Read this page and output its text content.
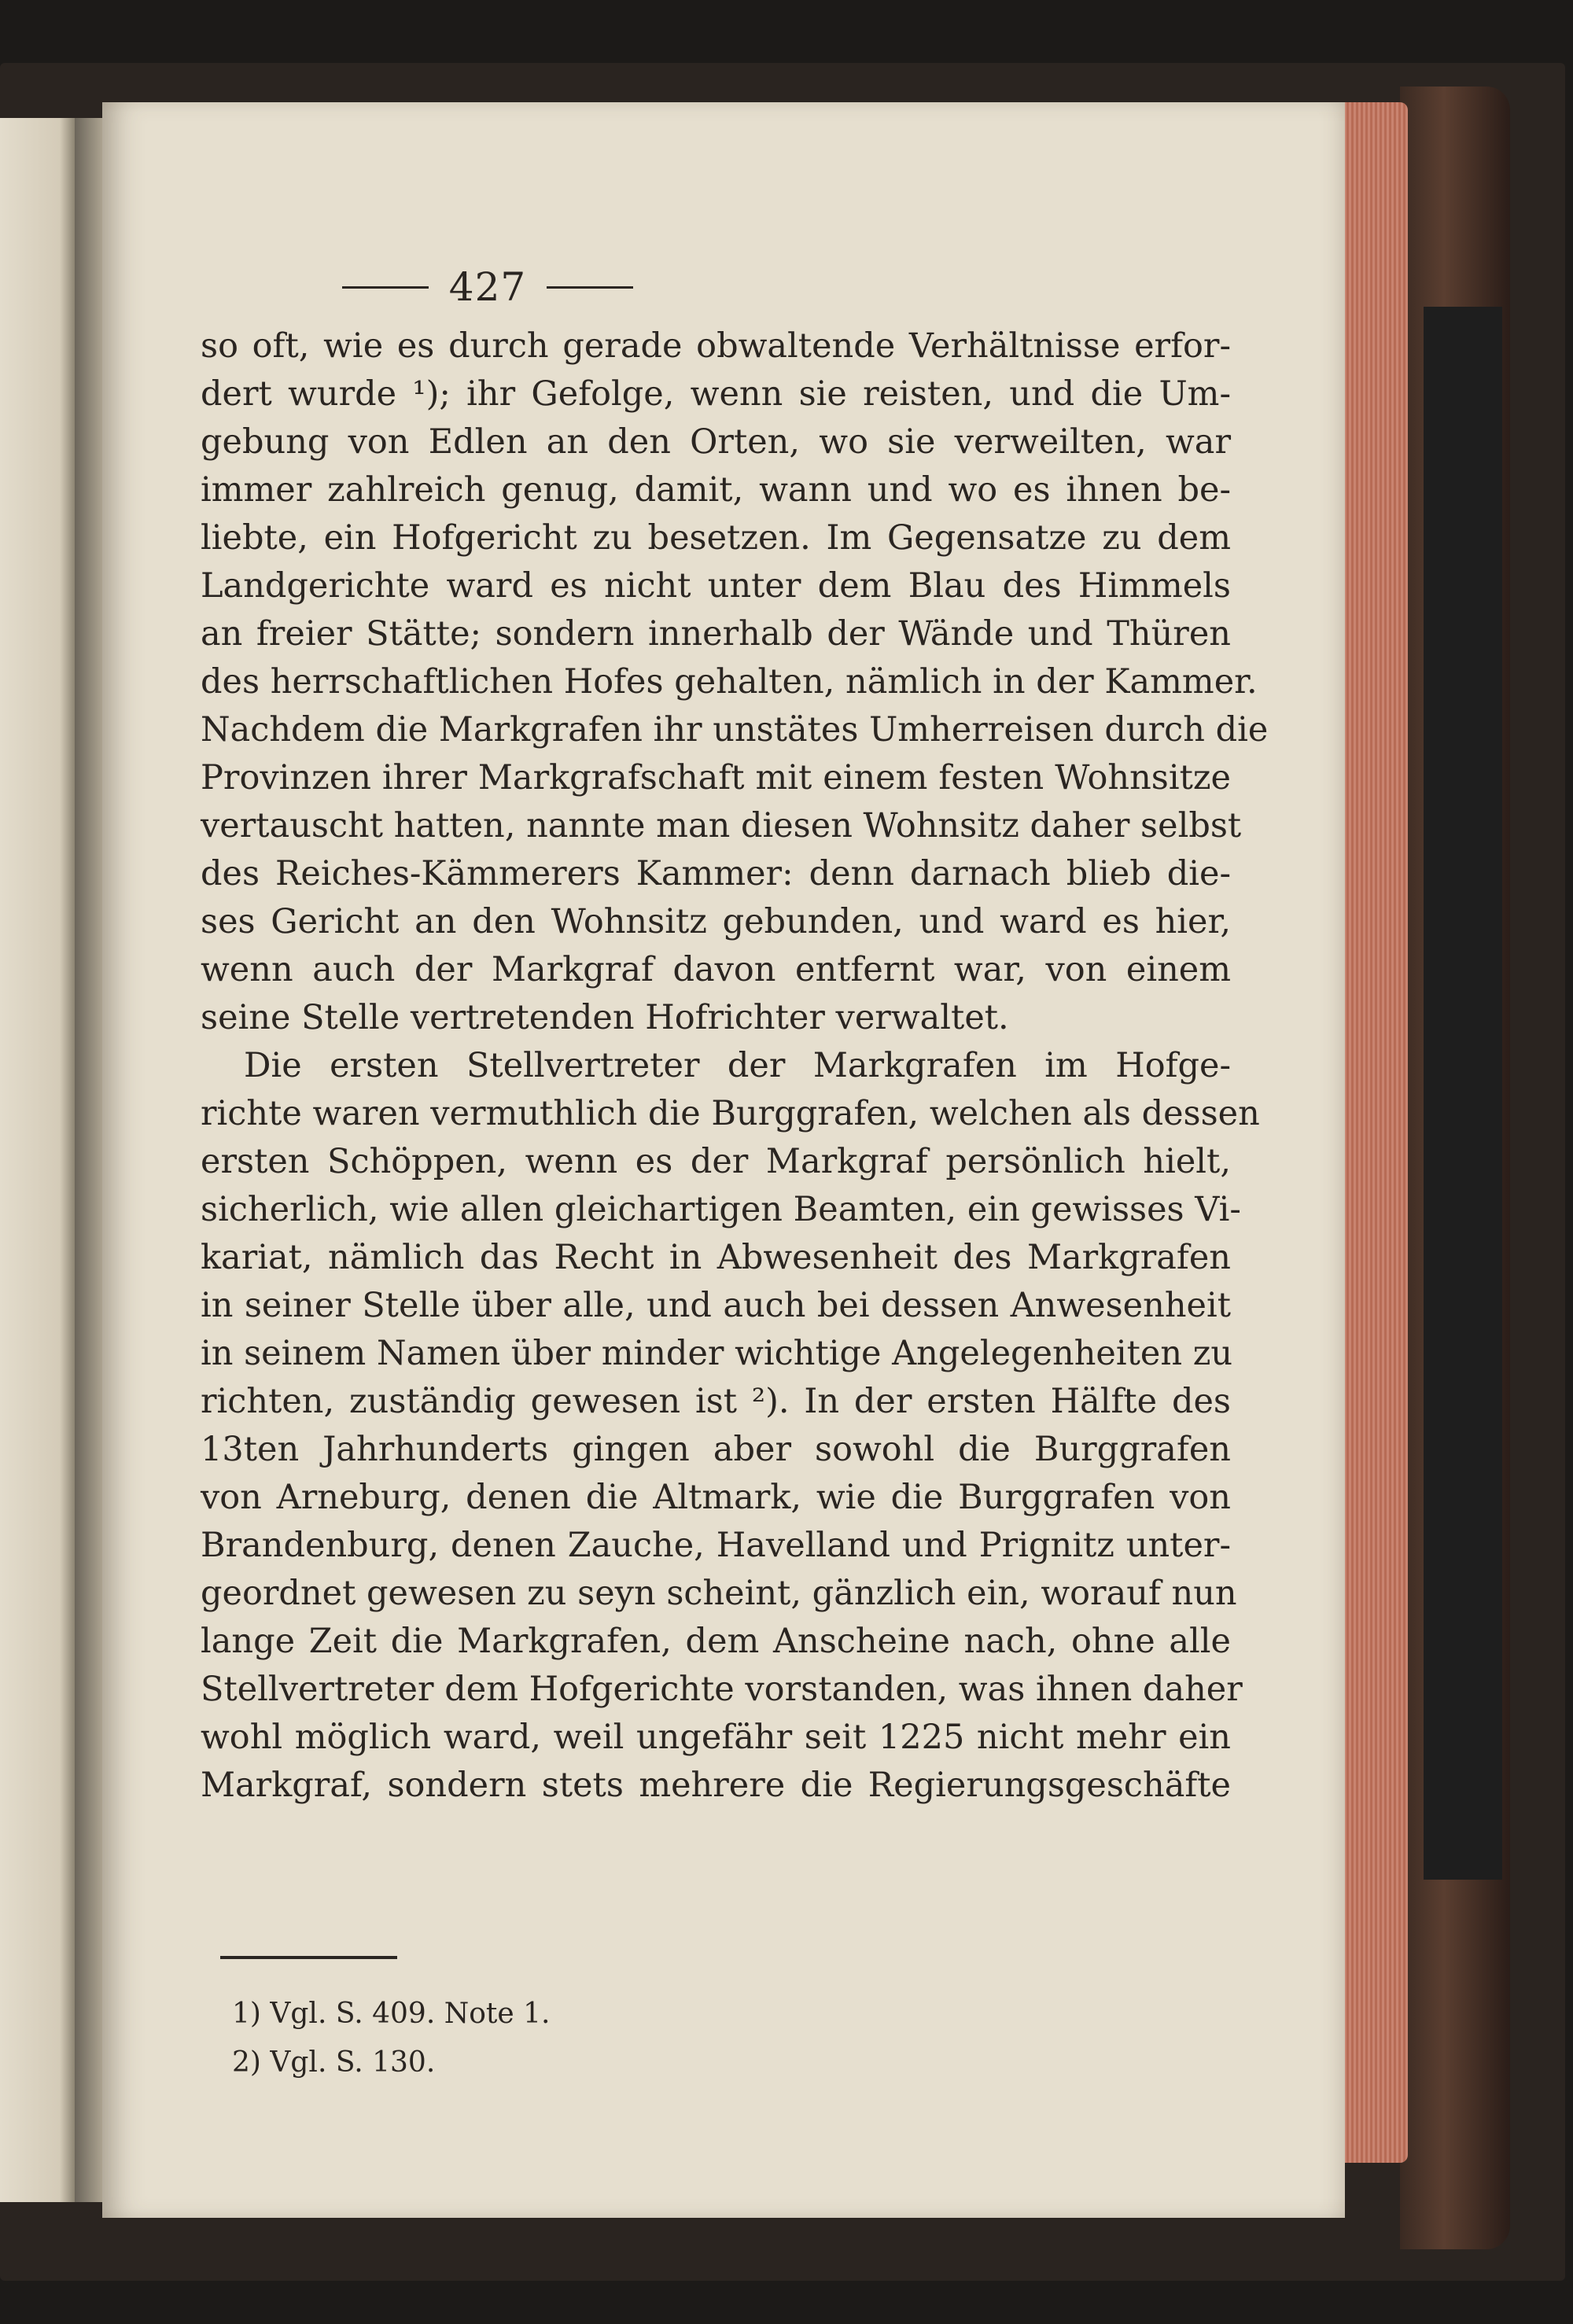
427
so oft, wie es durch gerade obwaltende Verhältnisse erfor-
dert wurde ¹); ihr Gefolge, wenn sie reisten, und die Um-
gebung von Edlen an den Orten, wo sie verweilten, war
immer zahlreich genug, damit, wann und wo es ihnen be-
liebte, ein Hofgericht zu besetzen. Im Gegensatze zu dem
Landgerichte ward es nicht unter dem Blau des Himmels
an freier Stätte; sondern innerhalb der Wände und Thüren
des herrschaftlichen Hofes gehalten, nämlich in der Kammer.
Nachdem die Markgrafen ihr unstätes Umherreisen durch die
Provinzen ihrer Markgrafschaft mit einem festen Wohnsitze
vertauscht hatten, nannte man diesen Wohnsitz daher selbst
des Reiches-Kämmerers Kammer: denn darnach blieb die-
ses Gericht an den Wohnsitz gebunden, und ward es hier,
wenn auch der Markgraf davon entfernt war, von einem
seine Stelle vertretenden Hofrichter verwaltet.
Die ersten Stellvertreter der Markgrafen im Hofge-
richte waren vermuthlich die Burggrafen, welchen als dessen
ersten Schöppen, wenn es der Markgraf persönlich hielt,
sicherlich, wie allen gleichartigen Beamten, ein gewisses Vi-
kariat, nämlich das Recht in Abwesenheit des Markgrafen
in seiner Stelle über alle, und auch bei dessen Anwesenheit
in seinem Namen über minder wichtige Angelegenheiten zu
richten, zuständig gewesen ist ²). In der ersten Hälfte des
13ten Jahrhunderts gingen aber sowohl die Burggrafen
von Arneburg, denen die Altmark, wie die Burggrafen von
Brandenburg, denen Zauche, Havelland und Prignitz unter-
geordnet gewesen zu seyn scheint, gänzlich ein, worauf nun
lange Zeit die Markgrafen, dem Anscheine nach, ohne alle
Stellvertreter dem Hofgerichte vorstanden, was ihnen daher
wohl möglich ward, weil ungefähr seit 1225 nicht mehr ein
Markgraf, sondern stets mehrere die Regierungsgeschäfte
1) Vgl. S. 409. Note 1.
2) Vgl. S. 130.
